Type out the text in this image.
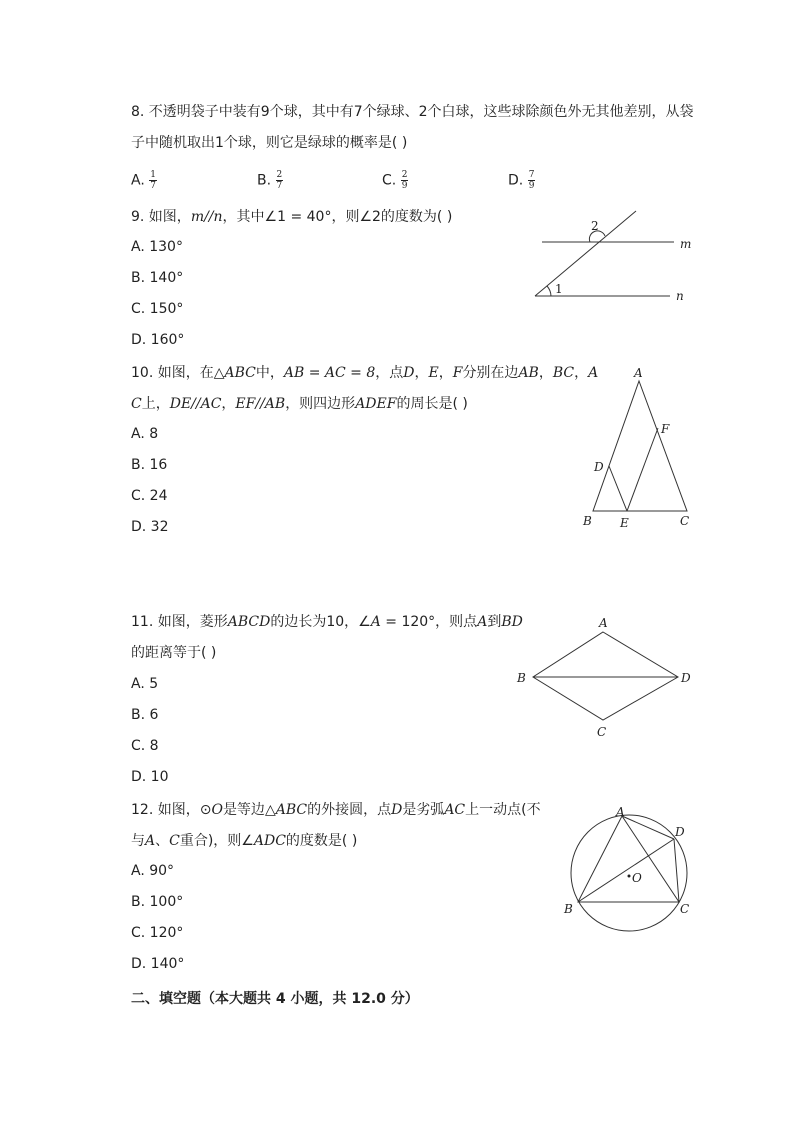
8. 不透明袋子中装有9个球，其中有7个绿球、2个白球，这些球除颜色外无其他差别，从袋
子中随机取出1个球，则它是绿球的概率是( )
A. $\frac{1}{7}$	B. $\frac{2}{7}$	C. $\frac{2}{9}$	D. $\frac{7}{9}$
9. 如图，m//n，其中∠1 = 40°，则∠2的度数为( )
A. 130°
B. 140°
C. 150°
D. 160°
2
m
1	n
10. 如图，在△ABC中，AB = AC = 8，点D，E，F分别在边AB，BC，A
C上，DE//AC，EF//AB，则四边形ADEF的周长是( )
A. 8
B. 16
C. 24
D. 32
A
B	C
D
E
F
11. 如图，菱形ABCD的边长为10，∠A = 120°，则点A到BD
的距离等于( )
A. 5
B. 6
C. 8
D. 10
A
B
C
D
12. 如图，⊙O是等边△ABC的外接圆，点D是劣弧AC上一动点(不
与A、C重合)，则∠ADC的度数是( )
A. 90°
B. 100°
C. 120°
D. 140°
A
B	C
D
O
二、填空题（本大题共 4 小题，共 12.0 分）
